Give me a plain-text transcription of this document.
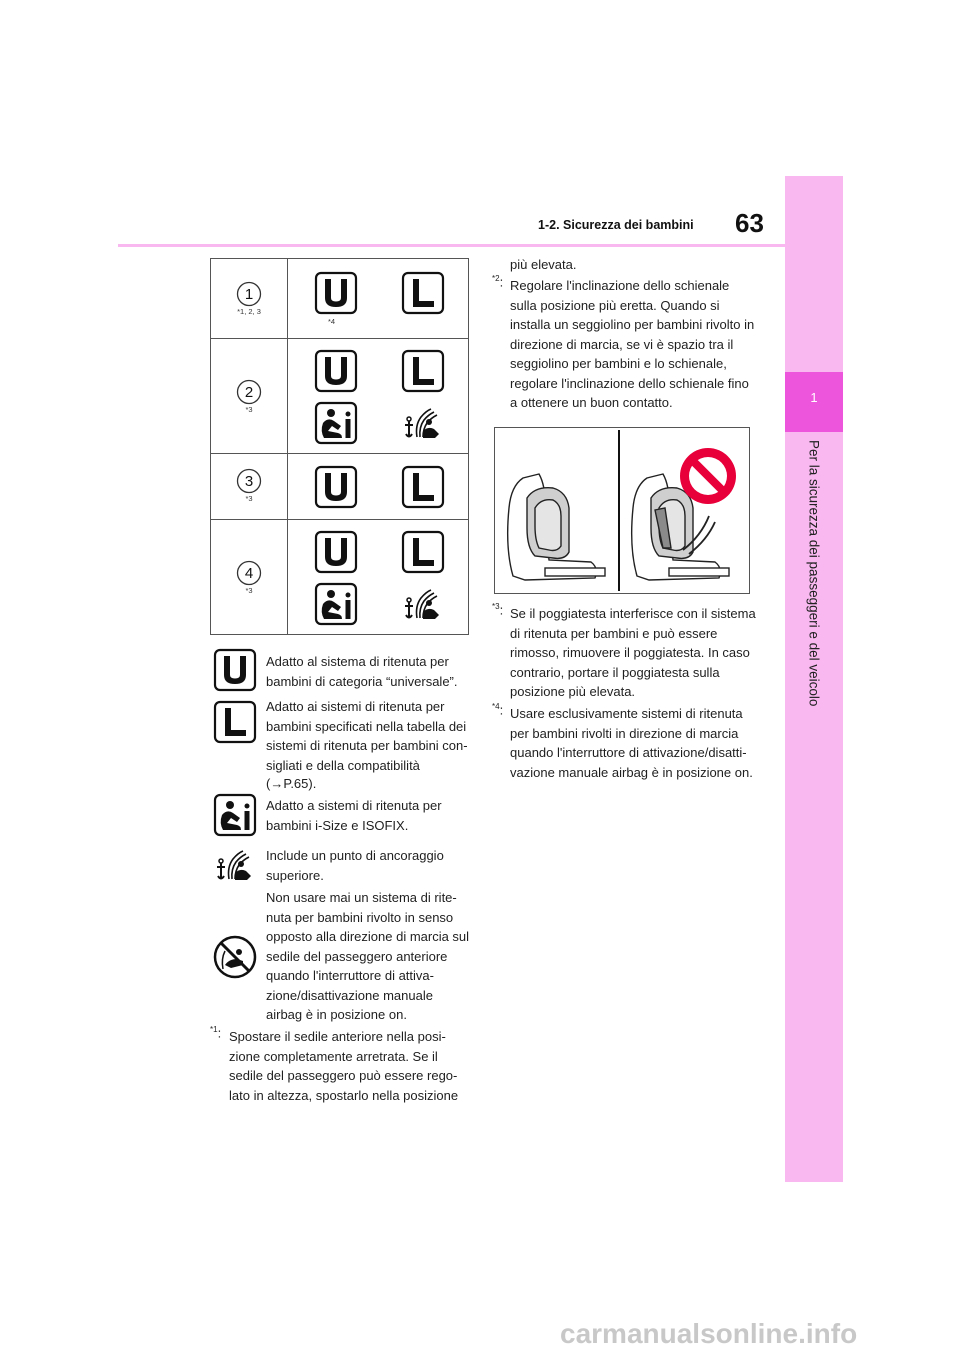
1
Per la sicurezza dei passeggeri e del veicolo
63
1-2. Sicurezza dei bambini
1
*1, 2, 3	*4

2
*3

3
*3

4
*3

Adatto al sistema di ritenuta per bambini di categoria “universale”.
Adatto ai sistemi di ritenuta per bambini specificati nella tabella dei sistemi di ritenuta per bambini con-sigliati e della compatibilità
(→P.65).
Adatto a sistemi di ritenuta per bambini i-Size e ISOFIX.
Include un punto di ancoraggio superiore.
Non usare mai un sistema di rite-nuta per bambini rivolto in senso opposto alla direzione di marcia sul sedile del passeggero anteriore quando l'interruttore di attiva-zione/disattivazione manuale airbag è in posizione on.
$^{*1}$: Spostare il sedile anteriore nella posi-zione completamente arretrata. Se il sedile del passeggero può essere rego-lato in altezza, spostarlo nella posizione
più elevata.
$^{*2}$: Regolare l'inclinazione dello schienale sulla posizione più eretta. Quando si installa un seggiolino per bambini rivolto in direzione di marcia, se vi è spazio tra il seggiolino per bambini e lo schienale, regolare l'inclinazione dello schienale fino a ottenere un buon contatto.
$^{*3}$: Se il poggiatesta interferisce con il sistema di ritenuta per bambini e può essere rimosso, rimuovere il poggiatesta. In caso contrario, portare il poggiatesta sulla posizione più elevata.
$^{*4}$: Usare esclusivamente sistemi di ritenuta per bambini rivolti in direzione di marcia quando l'interruttore di attivazione/disatti-vazione manuale airbag è in posizione on.
carmanualsonline.info
